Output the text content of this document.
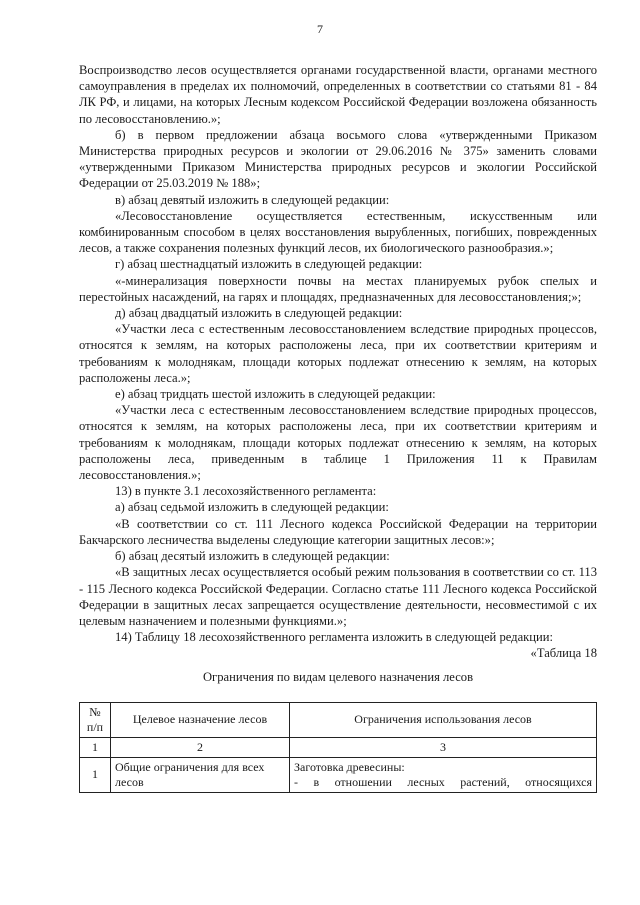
7

Воспроизводство лесов осуществляется органами государственной власти, органами местного самоуправления в пределах их полномочий, определенных в соответствии со статьями 81 - 84 ЛК РФ, и лицами, на которых Лесным кодексом Российской Федерации возложена обязанность по лесовосстановлению.»;

б) в первом предложении абзаца восьмого слова «утвержденными Приказом Министерства природных ресурсов и экологии от 29.06.2016 № 375» заменить словами «утвержденными Приказом Министерства природных ресурсов и экологии Российской Федерации от 25.03.2019 № 188»;

в) абзац девятый изложить в следующей редакции:

«Лесовосстановление осуществляется естественным, искусственным или комбинированным способом в целях восстановления вырубленных, погибших, поврежденных лесов, а также сохранения полезных функций лесов, их биологического разнообразия.»;

г) абзац шестнадцатый изложить в следующей редакции:

«-минерализация поверхности почвы на местах планируемых рубок спелых и перестойных насаждений, на гарях и площадях, предназначенных для лесовосстановления;»;

д) абзац двадцатый изложить в следующей редакции:

«Участки леса с естественным лесовосстановлением вследствие природных процессов, относятся к землям, на которых расположены леса, при их соответствии критериям и требованиям к молоднякам, площади которых подлежат отнесению к землям, на которых расположены леса.»;

е) абзац тридцать шестой изложить в следующей редакции:

«Участки леса с естественным лесовосстановлением вследствие природных процессов, относятся к землям, на которых расположены леса, при их соответствии критериям и требованиям к молоднякам, площади которых подлежат отнесению к землям, на которых расположены леса, приведенным в таблице 1 Приложения 11 к Правилам лесовосстановления.»;

13) в пункте 3.1 лесохозяйственного регламента:

а) абзац седьмой изложить в следующей редакции:

«В соответствии со ст. 111 Лесного кодекса Российской Федерации на территории Бакчарского лесничества выделены следующие категории защитных лесов:»;

б) абзац десятый изложить в следующей редакции:

«В защитных лесах осуществляется особый режим пользования в соответствии со ст. 113 - 115 Лесного кодекса Российской Федерации. Согласно статье 111 Лесного кодекса Российской Федерации в защитных лесах запрещается осуществление деятельности, несовместимой с их целевым назначением и полезными функциями.»;

14) Таблицу 18 лесохозяйственного регламента изложить в следующей редакции:

«Таблица 18

Ограничения по видам целевого назначения лесов

№ п/п	Целевое назначение лесов	Ограничения использования лесов
1	2	3
1	Общие ограничения для всех лесов	Заготовка древесины:
- в отношении лесных растений, относящихся
